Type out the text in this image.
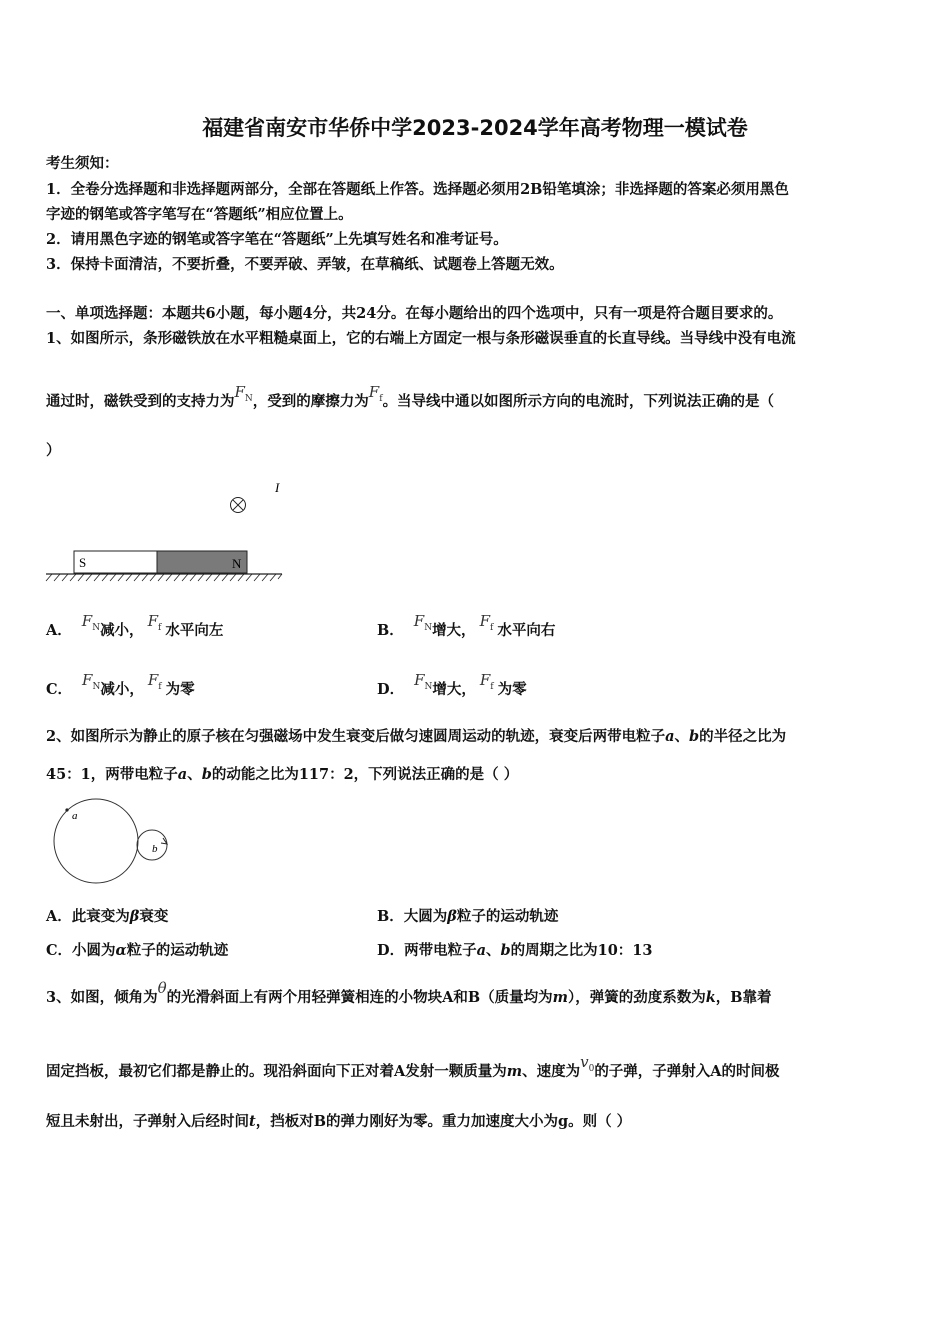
福建省南安市华侨中学2023-2024学年高考物理一模试卷
考生须知：
1．全卷分选择题和非选择题两部分，全部在答题纸上作答。选择题必须用2B铅笔填涂；非选择题的答案必须用黑色
字迹的钢笔或答字笔写在“答题纸”相应位置上。
2．请用黑色字迹的钢笔或答字笔在“答题纸”上先填写姓名和准考证号。
3．保持卡面清洁，不要折叠，不要弄破、弄皱，在草稿纸、试题卷上答题无效。
一、单项选择题：本题共6小题，每小题4分，共24分。在每小题给出的四个选项中，只有一项是符合题目要求的。
1、如图所示，条形磁铁放在水平粗糙桌面上，它的右端上方固定一根与条形磁误垂直的长直导线。当导线中没有电流
通过时，磁铁受到的支持力为$F_N$，受到的摩擦力为$F_f$。当导线中通以如图所示方向的电流时，下列说法正确的是（
）
I
S	N
A．$F_N$减小，$F_f$ 水平向左	B．$F_N$增大，$F_f$ 水平向右
C．$F_N$减小，$F_f$ 为零	D．$F_N$增大，$F_f$ 为零
2、如图所示为静止的原子核在匀强磁场中发生衰变后做匀速圆周运动的轨迹，衰变后两带电粒子a、b的半径之比为
45：1，两带电粒子a、b的动能之比为117：2，下列说法正确的是（ ）
a
b
A．此衰变为β衰变	B．大圆为β粒子的运动轨迹
C．小圆为α粒子的运动轨迹	D．两带电粒子a、b的周期之比为10：13
3、如图，倾角为θ的光滑斜面上有两个用轻弹簧相连的小物块A和B（质量均为m），弹簧的劲度系数为k，B靠着
固定挡板，最初它们都是静止的。现沿斜面向下正对着A发射一颗质量为m、速度为$v_0$的子弹，子弹射入A的时间极
短且未射出，子弹射入后经时间t，挡板对B的弹力刚好为零。重力加速度大小为g。则（ ）
